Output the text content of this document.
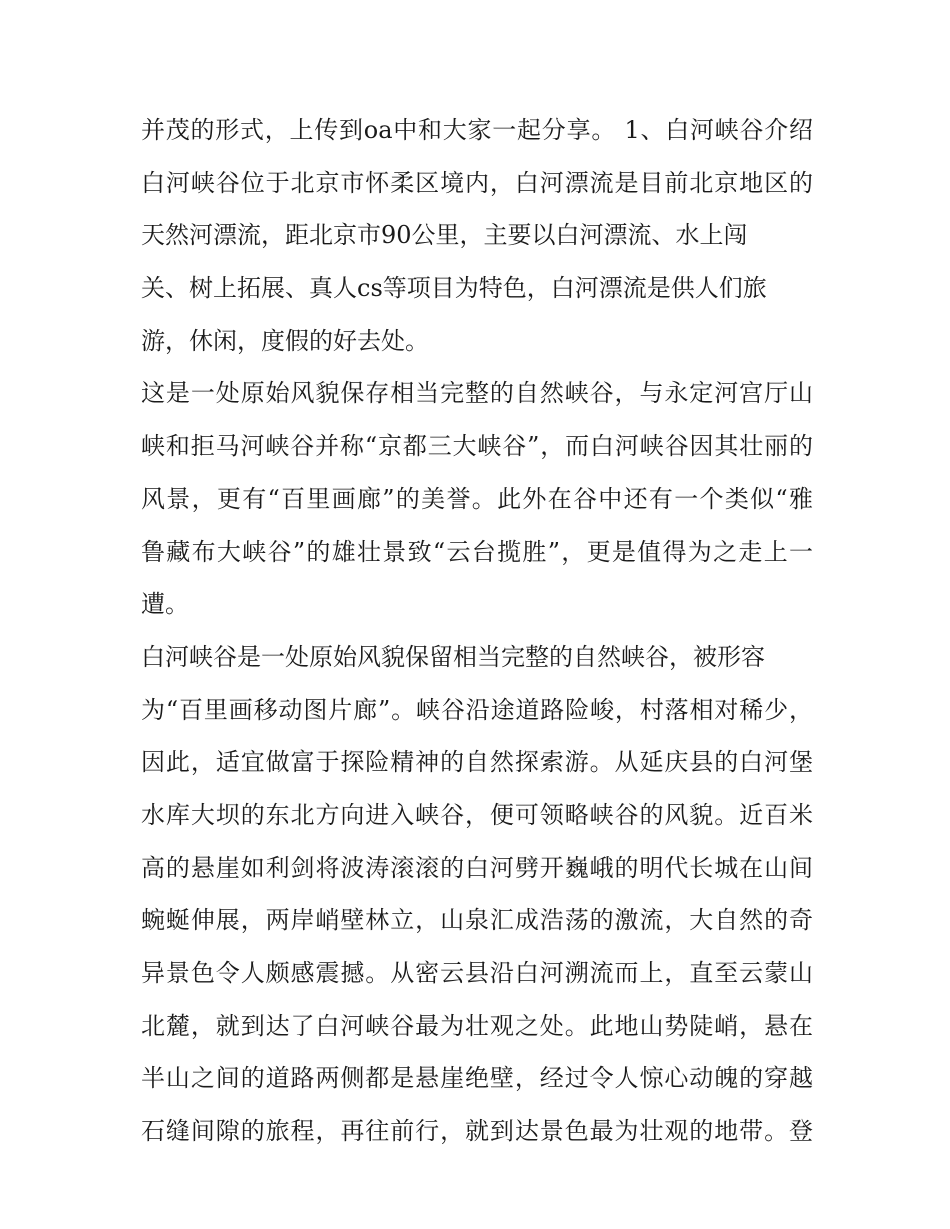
并茂的形式，上传到oa中和大家一起分享。 1、白河峡谷介绍
白河峡谷位于北京市怀柔区境内，白河漂流是目前北京地区的
天然河漂流，距北京市90公里，主要以白河漂流、水上闯
关、树上拓展、真人cs等项目为特色，白河漂流是供人们旅
游，休闲，度假的好去处。
这是一处原始风貌保存相当完整的自然峡谷，与永定河宫厅山
峡和拒马河峡谷并称“京都三大峡谷”，而白河峡谷因其壮丽的
风景，更有“百里画廊”的美誉。此外在谷中还有一个类似“雅
鲁藏布大峡谷”的雄壮景致“云台揽胜”，更是值得为之走上一
遭。
白河峡谷是一处原始风貌保留相当完整的自然峡谷，被形容
为“百里画移动图片廊”。峡谷沿途道路险峻，村落相对稀少，
因此，适宜做富于探险精神的自然探索游。从延庆县的白河堡
水库大坝的东北方向进入峡谷，便可领略峡谷的风貌。近百米
高的悬崖如利剑将波涛滚滚的白河劈开巍峨的明代长城在山间
蜿蜒伸展，两岸峭壁林立，山泉汇成浩荡的激流，大自然的奇
异景色令人颇感震撼。从密云县沿白河溯流而上，直至云蒙山
北麓，就到达了白河峡谷最为壮观之处。此地山势陡峭，悬在
半山之间的道路两侧都是悬崖绝壁，经过令人惊心动魄的穿越
石缝间隙的旅程，再往前行，就到达景色最为壮观的地带。登
